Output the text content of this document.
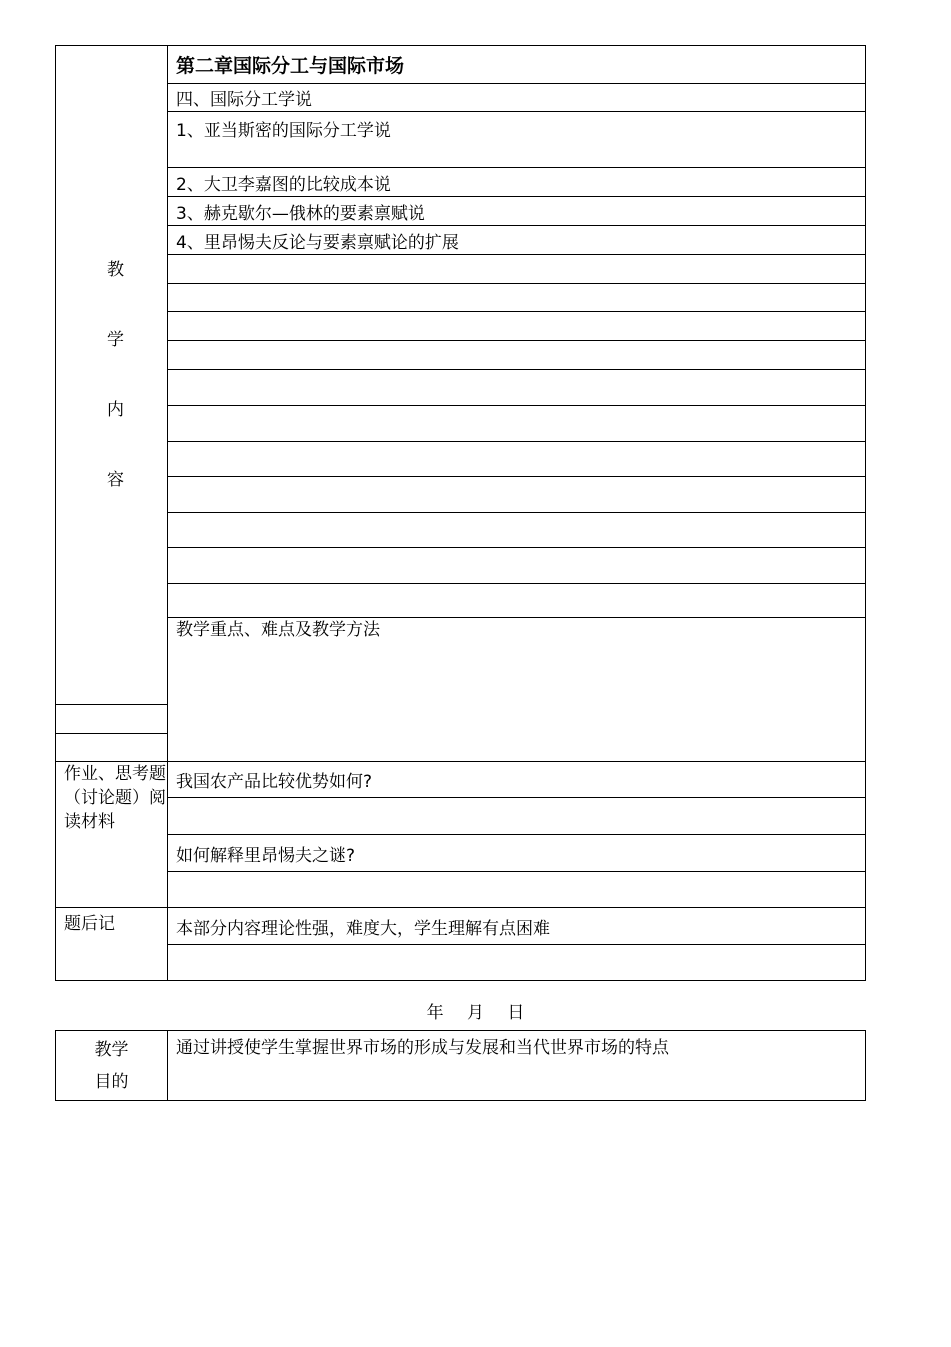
教
学
内
容	第二章国际分工与国际市场	
	四、国际分工学说	
	1、亚当斯密的国际分工学说	
	2、大卫李嘉图的比较成本说	
	3、赫克歇尔—俄林的要素禀赋说	
	4、里昂惕夫反论与要素禀赋论的扩展	

	教学重点、难点及教学方法	

作业、思考题（讨论题）阅读材料	我国农产品比较优势如何?	

	如何解释里昂惕夫之谜?	

题后记	本部分内容理论性强，难度大，学生理解有点困难	

年 月 日
教学
目的
	通过讲授使学生掌握世界市场的形成与发展和当代世界市场的特点
